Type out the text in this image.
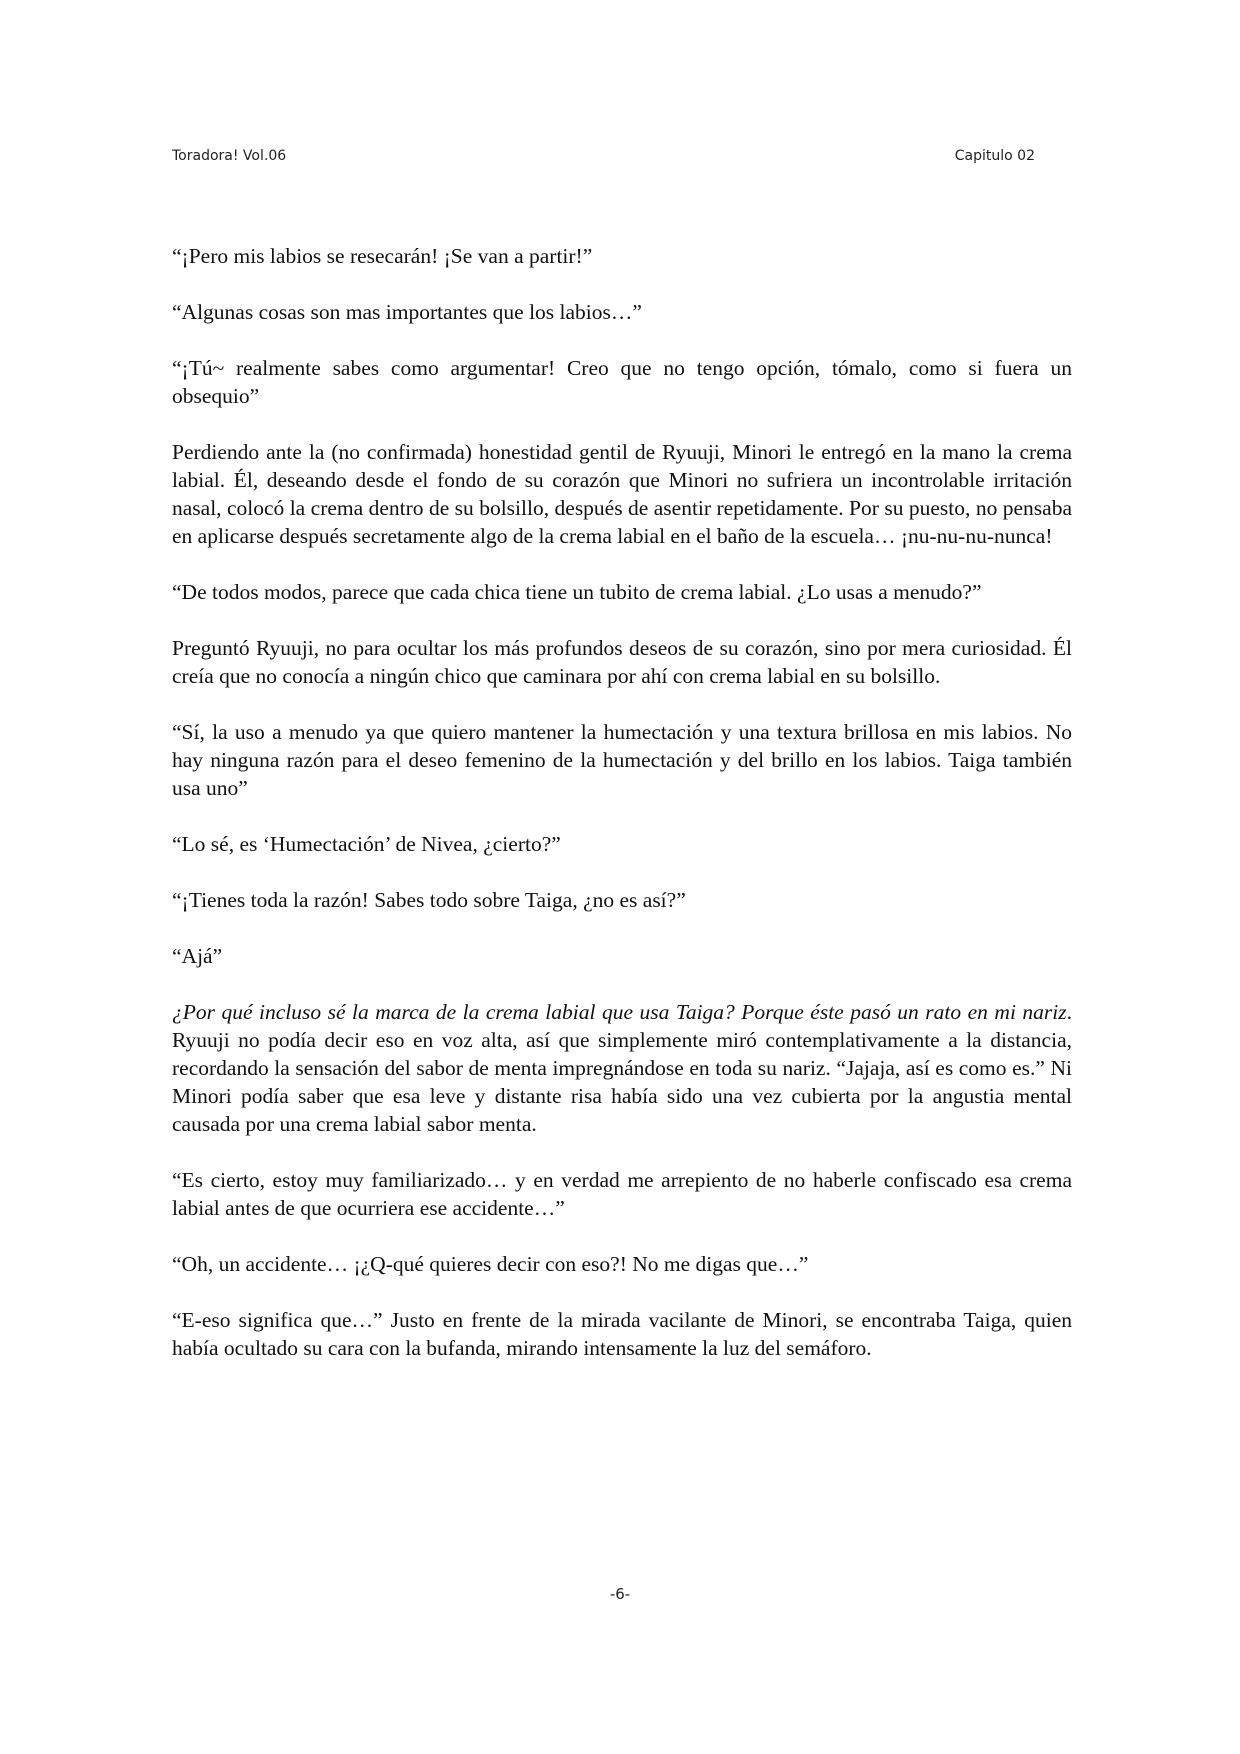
Toradora! Vol.06	Capitulo 02

“¡Pero mis labios se resecarán! ¡Se van a partir!”

“Algunas cosas son mas importantes que los labios…”

“¡Tú~ realmente sabes como argumentar! Creo que no tengo opción, tómalo, como si fuera un obsequio”

Perdiendo ante la (no confirmada) honestidad gentil de Ryuuji, Minori le entregó en la mano la crema labial. Él, deseando desde el fondo de su corazón que Minori no sufriera un incontrolable irritación nasal, colocó la crema dentro de su bolsillo, después de asentir repetidamente. Por su puesto, no pensaba en aplicarse después secretamente algo de la crema labial en el baño de la escuela… ¡nu-nu-nu-nunca!

“De todos modos, parece que cada chica tiene un tubito de crema labial. ¿Lo usas a menudo?”

Preguntó Ryuuji, no para ocultar los más profundos deseos de su corazón, sino por mera curiosidad. Él creía que no conocía a ningún chico que caminara por ahí con crema labial en su bolsillo.

“Sí, la uso a menudo ya que quiero mantener la humectación y una textura brillosa en mis labios. No hay ninguna razón para el deseo femenino de la humectación y del brillo en los labios. Taiga también usa uno”

“Lo sé, es ‘Humectación’ de Nivea, ¿cierto?”

“¡Tienes toda la razón! Sabes todo sobre Taiga, ¿no es así?”

“Ajá”

¿Por qué incluso sé la marca de la crema labial que usa Taiga? Porque éste pasó un rato en mi nariz. Ryuuji no podía decir eso en voz alta, así que simplemente miró contemplativamente a la distancia, recordando la sensación del sabor de menta impregnándose en toda su nariz. “Jajaja, así es como es.” Ni Minori podía saber que esa leve y distante risa había sido una vez cubierta por la angustia mental causada por una crema labial sabor menta.

“Es cierto, estoy muy familiarizado… y en verdad me arrepiento de no haberle confiscado esa crema labial antes de que ocurriera ese accidente…”

“Oh, un accidente… ¡¿Q-qué quieres decir con eso?! No me digas que…”

“E-eso significa que…” Justo en frente de la mirada vacilante de Minori, se encontraba Taiga, quien había ocultado su cara con la bufanda, mirando intensamente la luz del semáforo.

-6-
